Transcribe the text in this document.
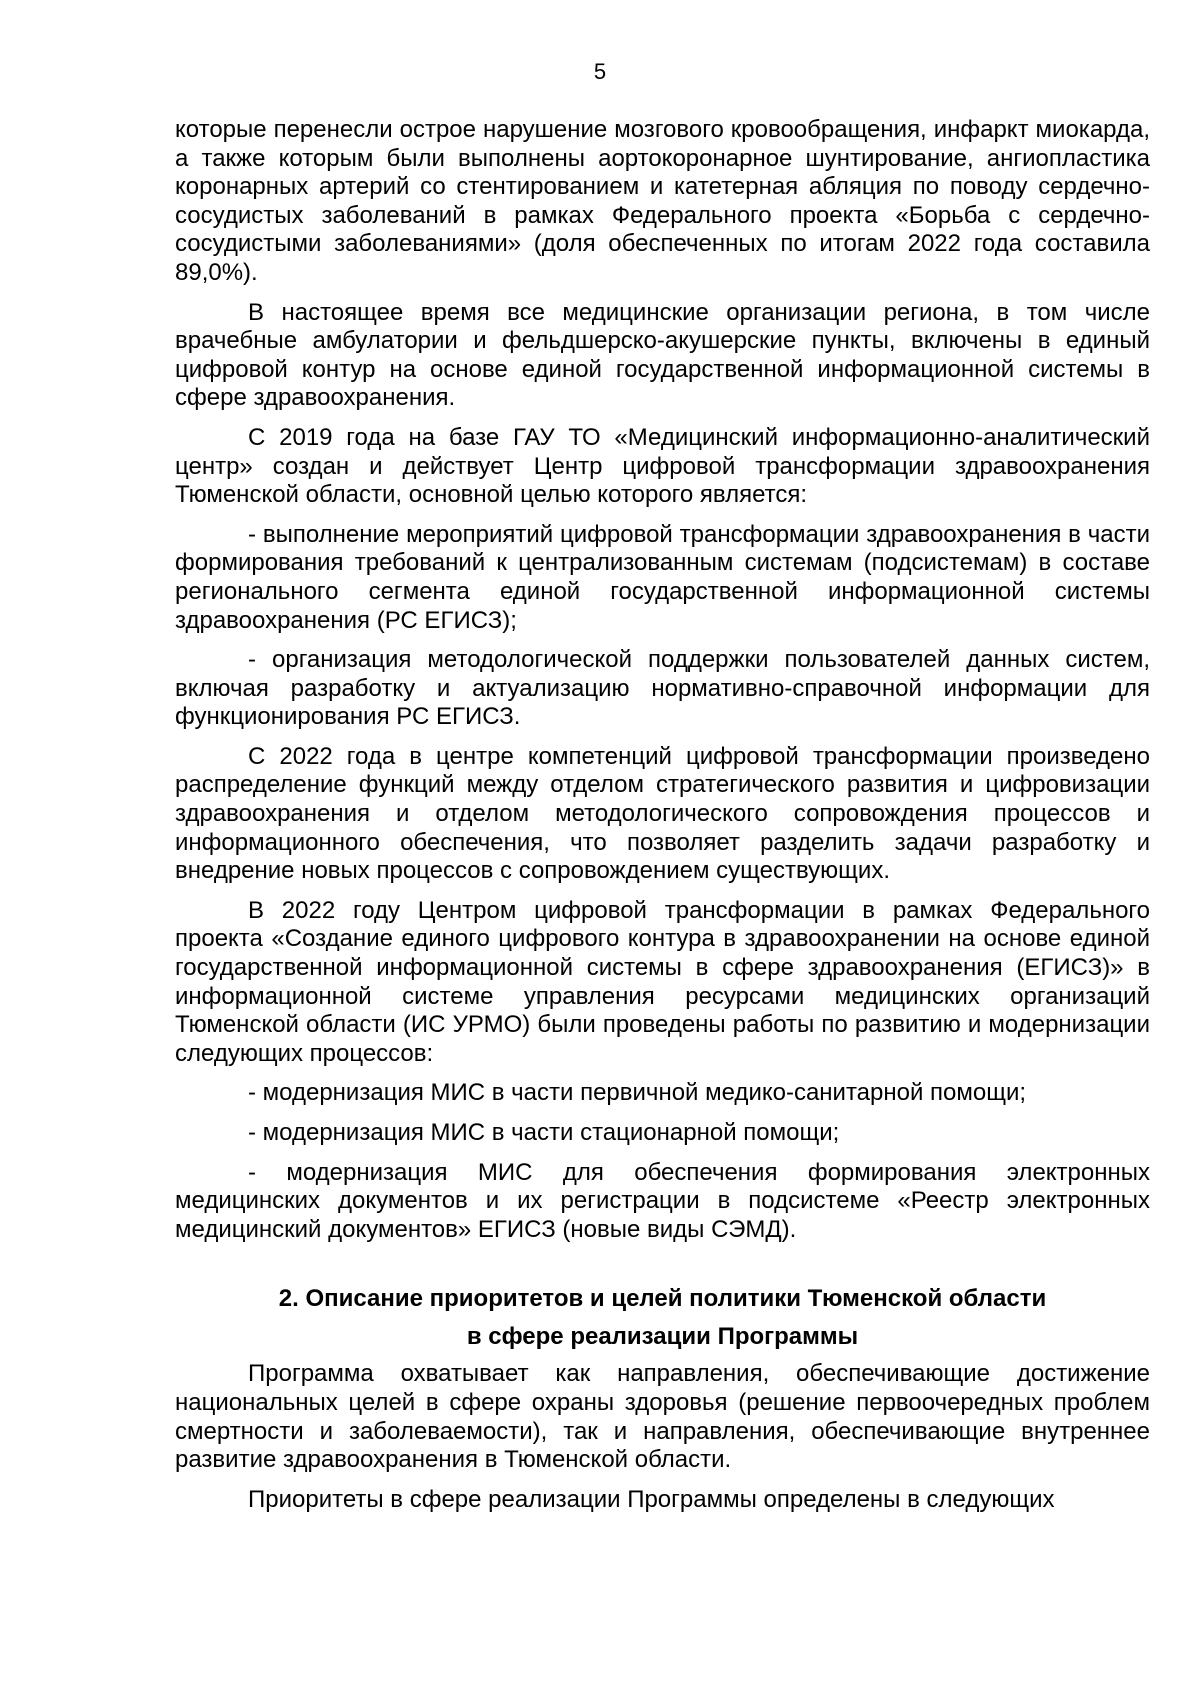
5

которые перенесли острое нарушение мозгового кровообращения, инфаркт миокарда, а также которым были выполнены аортокоронарное шунтирование, ангиопластика коронарных артерий со стентированием и катетерная абляция по поводу сердечно-сосудистых заболеваний в рамках Федерального проекта «Борьба с сердечно-сосудистыми заболеваниями» (доля обеспеченных по итогам 2022 года составила 89,0%).

В настоящее время все медицинские организации региона, в том числе врачебные амбулатории и фельдшерско-акушерские пункты, включены в единый цифровой контур на основе единой государственной информационной системы в сфере здравоохранения.

С 2019 года на базе ГАУ ТО «Медицинский информационно-аналитический центр» создан и действует Центр цифровой трансформации здравоохранения Тюменской области, основной целью которого является:

- выполнение мероприятий цифровой трансформации здравоохранения в части формирования требований к централизованным системам (подсистемам) в составе регионального сегмента единой государственной информационной системы здравоохранения (РС ЕГИСЗ);

- организация методологической поддержки пользователей данных систем, включая разработку и актуализацию нормативно-справочной информации для функционирования РС ЕГИСЗ.

С 2022 года в центре компетенций цифровой трансформации произведено распределение функций между отделом стратегического развития и цифровизации здравоохранения и отделом методологического сопровождения процессов и информационного обеспечения, что позволяет разделить задачи разработку и внедрение новых процессов с сопровождением существующих.

В 2022 году Центром цифровой трансформации в рамках Федерального проекта «Создание единого цифрового контура в здравоохранении на основе единой государственной информационной системы в сфере здравоохранения (ЕГИСЗ)» в информационной системе управления ресурсами медицинских организаций Тюменской области (ИС УРМО) были проведены работы по развитию и модернизации следующих процессов:

- модернизация МИС в части первичной медико-санитарной помощи;

- модернизация МИС в части стационарной помощи;

- модернизация МИС для обеспечения формирования электронных медицинских документов и их регистрации в подсистеме «Реестр электронных медицинский документов» ЕГИСЗ (новые виды СЭМД).

2. Описание приоритетов и целей политики Тюменской области
в сфере реализации Программы

Программа охватывает как направления, обеспечивающие достижение национальных целей в сфере охраны здоровья (решение первоочередных проблем смертности и заболеваемости), так и направления, обеспечивающие внутреннее развитие здравоохранения в Тюменской области.

Приоритеты в сфере реализации Программы определены в следующих
